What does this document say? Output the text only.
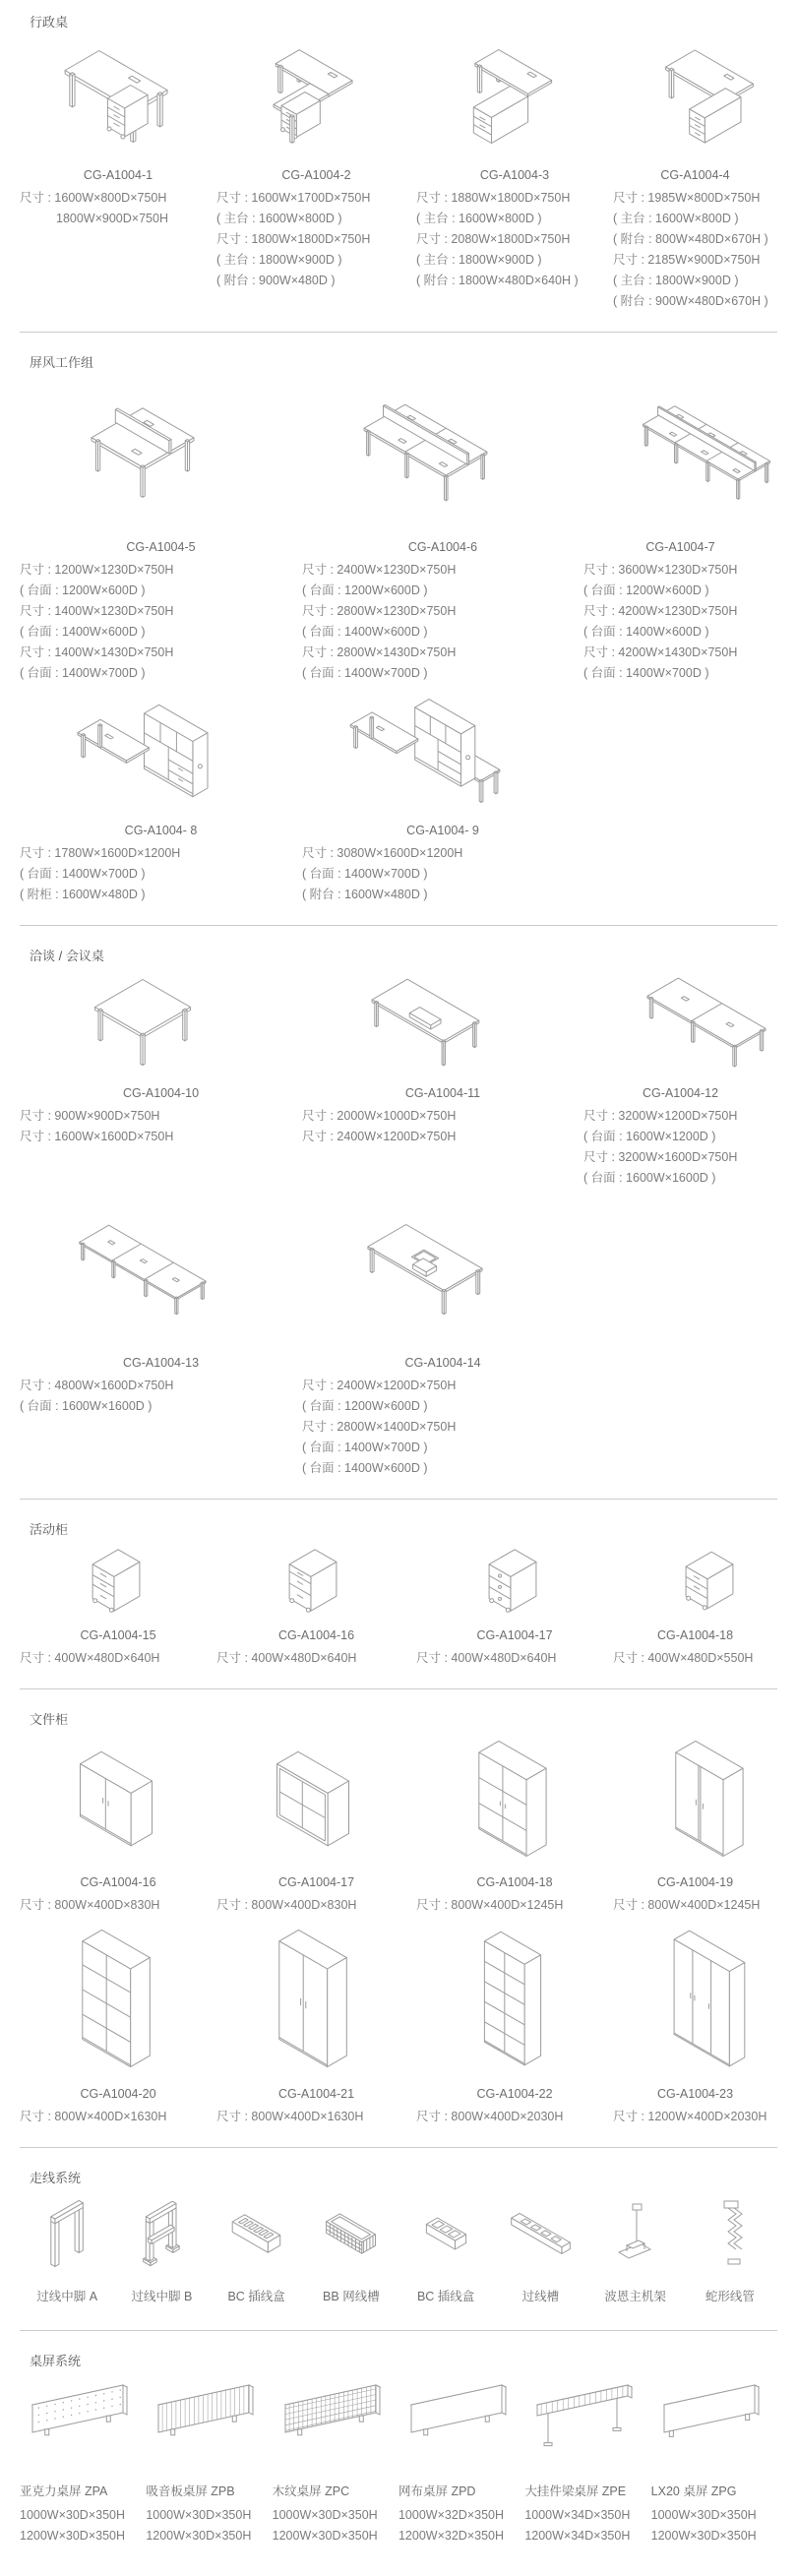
行政桌
CG-A1004-1
尺寸 : 1600W×800D×750H
1800W×900D×750H
CG-A1004-2
尺寸 : 1600W×1700D×750H
( 主台 : 1600W×800D )
尺寸 : 1800W×1800D×750H
( 主台 : 1800W×900D )
( 附台 : 900W×480D )
CG-A1004-3
尺寸 : 1880W×1800D×750H
( 主台 : 1600W×800D )
尺寸 : 2080W×1800D×750H
( 主台 : 1800W×900D )
( 附台 : 1800W×480D×640H )
CG-A1004-4
尺寸 : 1985W×800D×750H
( 主台 : 1600W×800D )
( 附台 : 800W×480D×670H )
尺寸 : 2185W×900D×750H
( 主台 : 1800W×900D )
( 附台 : 900W×480D×670H )
屏风工作组
CG-A1004-5
尺寸 : 1200W×1230D×750H
( 台面 : 1200W×600D )
尺寸 : 1400W×1230D×750H
( 台面 : 1400W×600D )
尺寸 : 1400W×1430D×750H
( 台面 : 1400W×700D )
CG-A1004-6
尺寸 : 2400W×1230D×750H
( 台面 : 1200W×600D )
尺寸 : 2800W×1230D×750H
( 台面 : 1400W×600D )
尺寸 : 2800W×1430D×750H
( 台面 : 1400W×700D )
CG-A1004-7
尺寸 : 3600W×1230D×750H
( 台面 : 1200W×600D )
尺寸 : 4200W×1230D×750H
( 台面 : 1400W×600D )
尺寸 : 4200W×1430D×750H
( 台面 : 1400W×700D )
CG-A1004- 8
尺寸 : 1780W×1600D×1200H
( 台面 : 1400W×700D )
( 附柜 : 1600W×480D )
CG-A1004- 9
尺寸 : 3080W×1600D×1200H
( 台面 : 1400W×700D )
( 附台 : 1600W×480D )
洽谈 / 会议桌
CG-A1004-10
尺寸 : 900W×900D×750H
尺寸 : 1600W×1600D×750H
CG-A1004-11
尺寸 : 2000W×1000D×750H
尺寸 : 2400W×1200D×750H
CG-A1004-12
尺寸 : 3200W×1200D×750H
( 台面 : 1600W×1200D )
尺寸 : 3200W×1600D×750H
( 台面 : 1600W×1600D )
CG-A1004-13
尺寸 : 4800W×1600D×750H
( 台面 : 1600W×1600D )
CG-A1004-14
尺寸 : 2400W×1200D×750H
( 台面 : 1200W×600D )
尺寸 : 2800W×1400D×750H
( 台面 : 1400W×700D )
( 台面 : 1400W×600D )
活动柜
CG-A1004-15
尺寸 : 400W×480D×640H
CG-A1004-16
尺寸 : 400W×480D×640H
CG-A1004-17
尺寸 : 400W×480D×640H
CG-A1004-18
尺寸 : 400W×480D×550H
文件柜
CG-A1004-16
尺寸 : 800W×400D×830H
CG-A1004-17
尺寸 : 800W×400D×830H
CG-A1004-18
尺寸 : 800W×400D×1245H
CG-A1004-19
尺寸 : 800W×400D×1245H
CG-A1004-20
尺寸 : 800W×400D×1630H
CG-A1004-21
尺寸 : 800W×400D×1630H
CG-A1004-22
尺寸 : 800W×400D×2030H
CG-A1004-23
尺寸 : 1200W×400D×2030H
走线系统
过线中脚 A	过线中脚 B	BC 插线盒	BB 网线槽	BC 插线盒	过线槽	波恩主机架	蛇形线管
桌屏系统
亚克力桌屏 ZPA
1000W×30D×350H
1200W×30D×350H
吸音板桌屏 ZPB
1000W×30D×350H
1200W×30D×350H
木纹桌屏 ZPC
1000W×30D×350H
1200W×30D×350H
网布桌屏 ZPD
1000W×32D×350H
1200W×32D×350H
大挂件梁桌屏 ZPE
1000W×34D×350H
1200W×34D×350H
LX20 桌屏 ZPG
1000W×30D×350H
1200W×30D×350H
